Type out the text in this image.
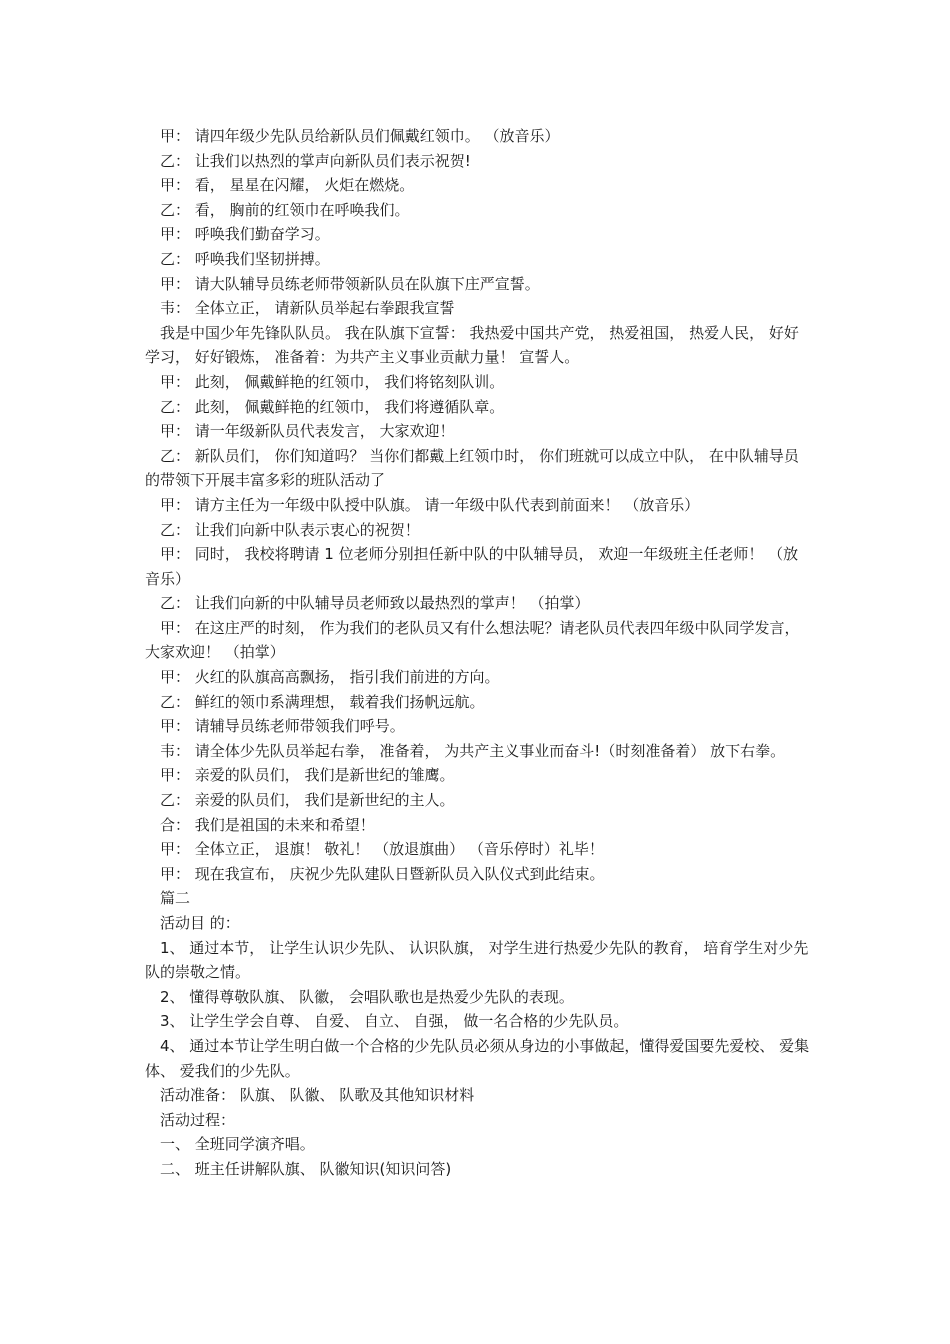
甲： 请四年级少先队员给新队员们佩戴红领巾。 （放音乐）

乙： 让我们以热烈的掌声向新队员们表示祝贺!

甲： 看， 星星在闪耀， 火炬在燃烧。

乙： 看， 胸前的红领巾在呼唤我们。

甲： 呼唤我们勤奋学习。

乙： 呼唤我们坚韧拼搏。

甲： 请大队辅导员练老师带领新队员在队旗下庄严宣誓。

韦： 全体立正， 请新队员举起右拳跟我宣誓

我是中国少年先锋队队员。 我在队旗下宣誓： 我热爱中国共产党， 热爱祖国， 热爱人民， 好好学习， 好好锻炼， 准备着：为共产主义事业贡献力量！ 宣誓人。

甲： 此刻， 佩戴鲜艳的红领巾， 我们将铭刻队训。

乙： 此刻， 佩戴鲜艳的红领巾， 我们将遵循队章。

甲： 请一年级新队员代表发言， 大家欢迎！

乙： 新队员们， 你们知道吗？ 当你们都戴上红领巾时， 你们班就可以成立中队， 在中队辅导员的带领下开展丰富多彩的班队活动了

甲： 请方主任为一年级中队授中队旗。 请一年级中队代表到前面来！ （放音乐）

乙： 让我们向新中队表示衷心的祝贺！

甲： 同时， 我校将聘请 1 位老师分别担任新中队的中队辅导员， 欢迎一年级班主任老师！ （放音乐）

乙： 让我们向新的中队辅导员老师致以最热烈的掌声！ （拍掌）

甲： 在这庄严的时刻， 作为我们的老队员又有什么想法呢？请老队员代表四年级中队同学发言， 大家欢迎！ （拍掌）

甲： 火红的队旗高高飘扬， 指引我们前进的方向。

乙： 鲜红的领巾系满理想， 载着我们扬帆远航。

甲： 请辅导员练老师带领我们呼号。

韦： 请全体少先队员举起右拳， 准备着， 为共产主义事业而奋斗!（时刻准备着） 放下右拳。

甲： 亲爱的队员们， 我们是新世纪的雏鹰。

乙： 亲爱的队员们， 我们是新世纪的主人。

合： 我们是祖国的未来和希望！

甲： 全体立正， 退旗！ 敬礼！ （放退旗曲） （音乐停时）礼毕！

甲： 现在我宣布， 庆祝少先队建队日暨新队员入队仪式到此结束。

篇二

活动目 的：

1、 通过本节， 让学生认识少先队、 认识队旗， 对学生进行热爱少先队的教育， 培育学生对少先队的崇敬之情。

2、 懂得尊敬队旗、 队徽， 会唱队歌也是热爱少先队的表现。

3、 让学生学会自尊、 自爱、 自立、 自强， 做一名合格的少先队员。

4、 通过本节让学生明白做一个合格的少先队员必须从身边的小事做起，懂得爱国要先爱校、 爱集体、 爱我们的少先队。

活动准备： 队旗、 队徽、 队歌及其他知识材料

活动过程：

一、 全班同学演齐唱。

二、 班主任讲解队旗、 队徽知识(知识问答)
